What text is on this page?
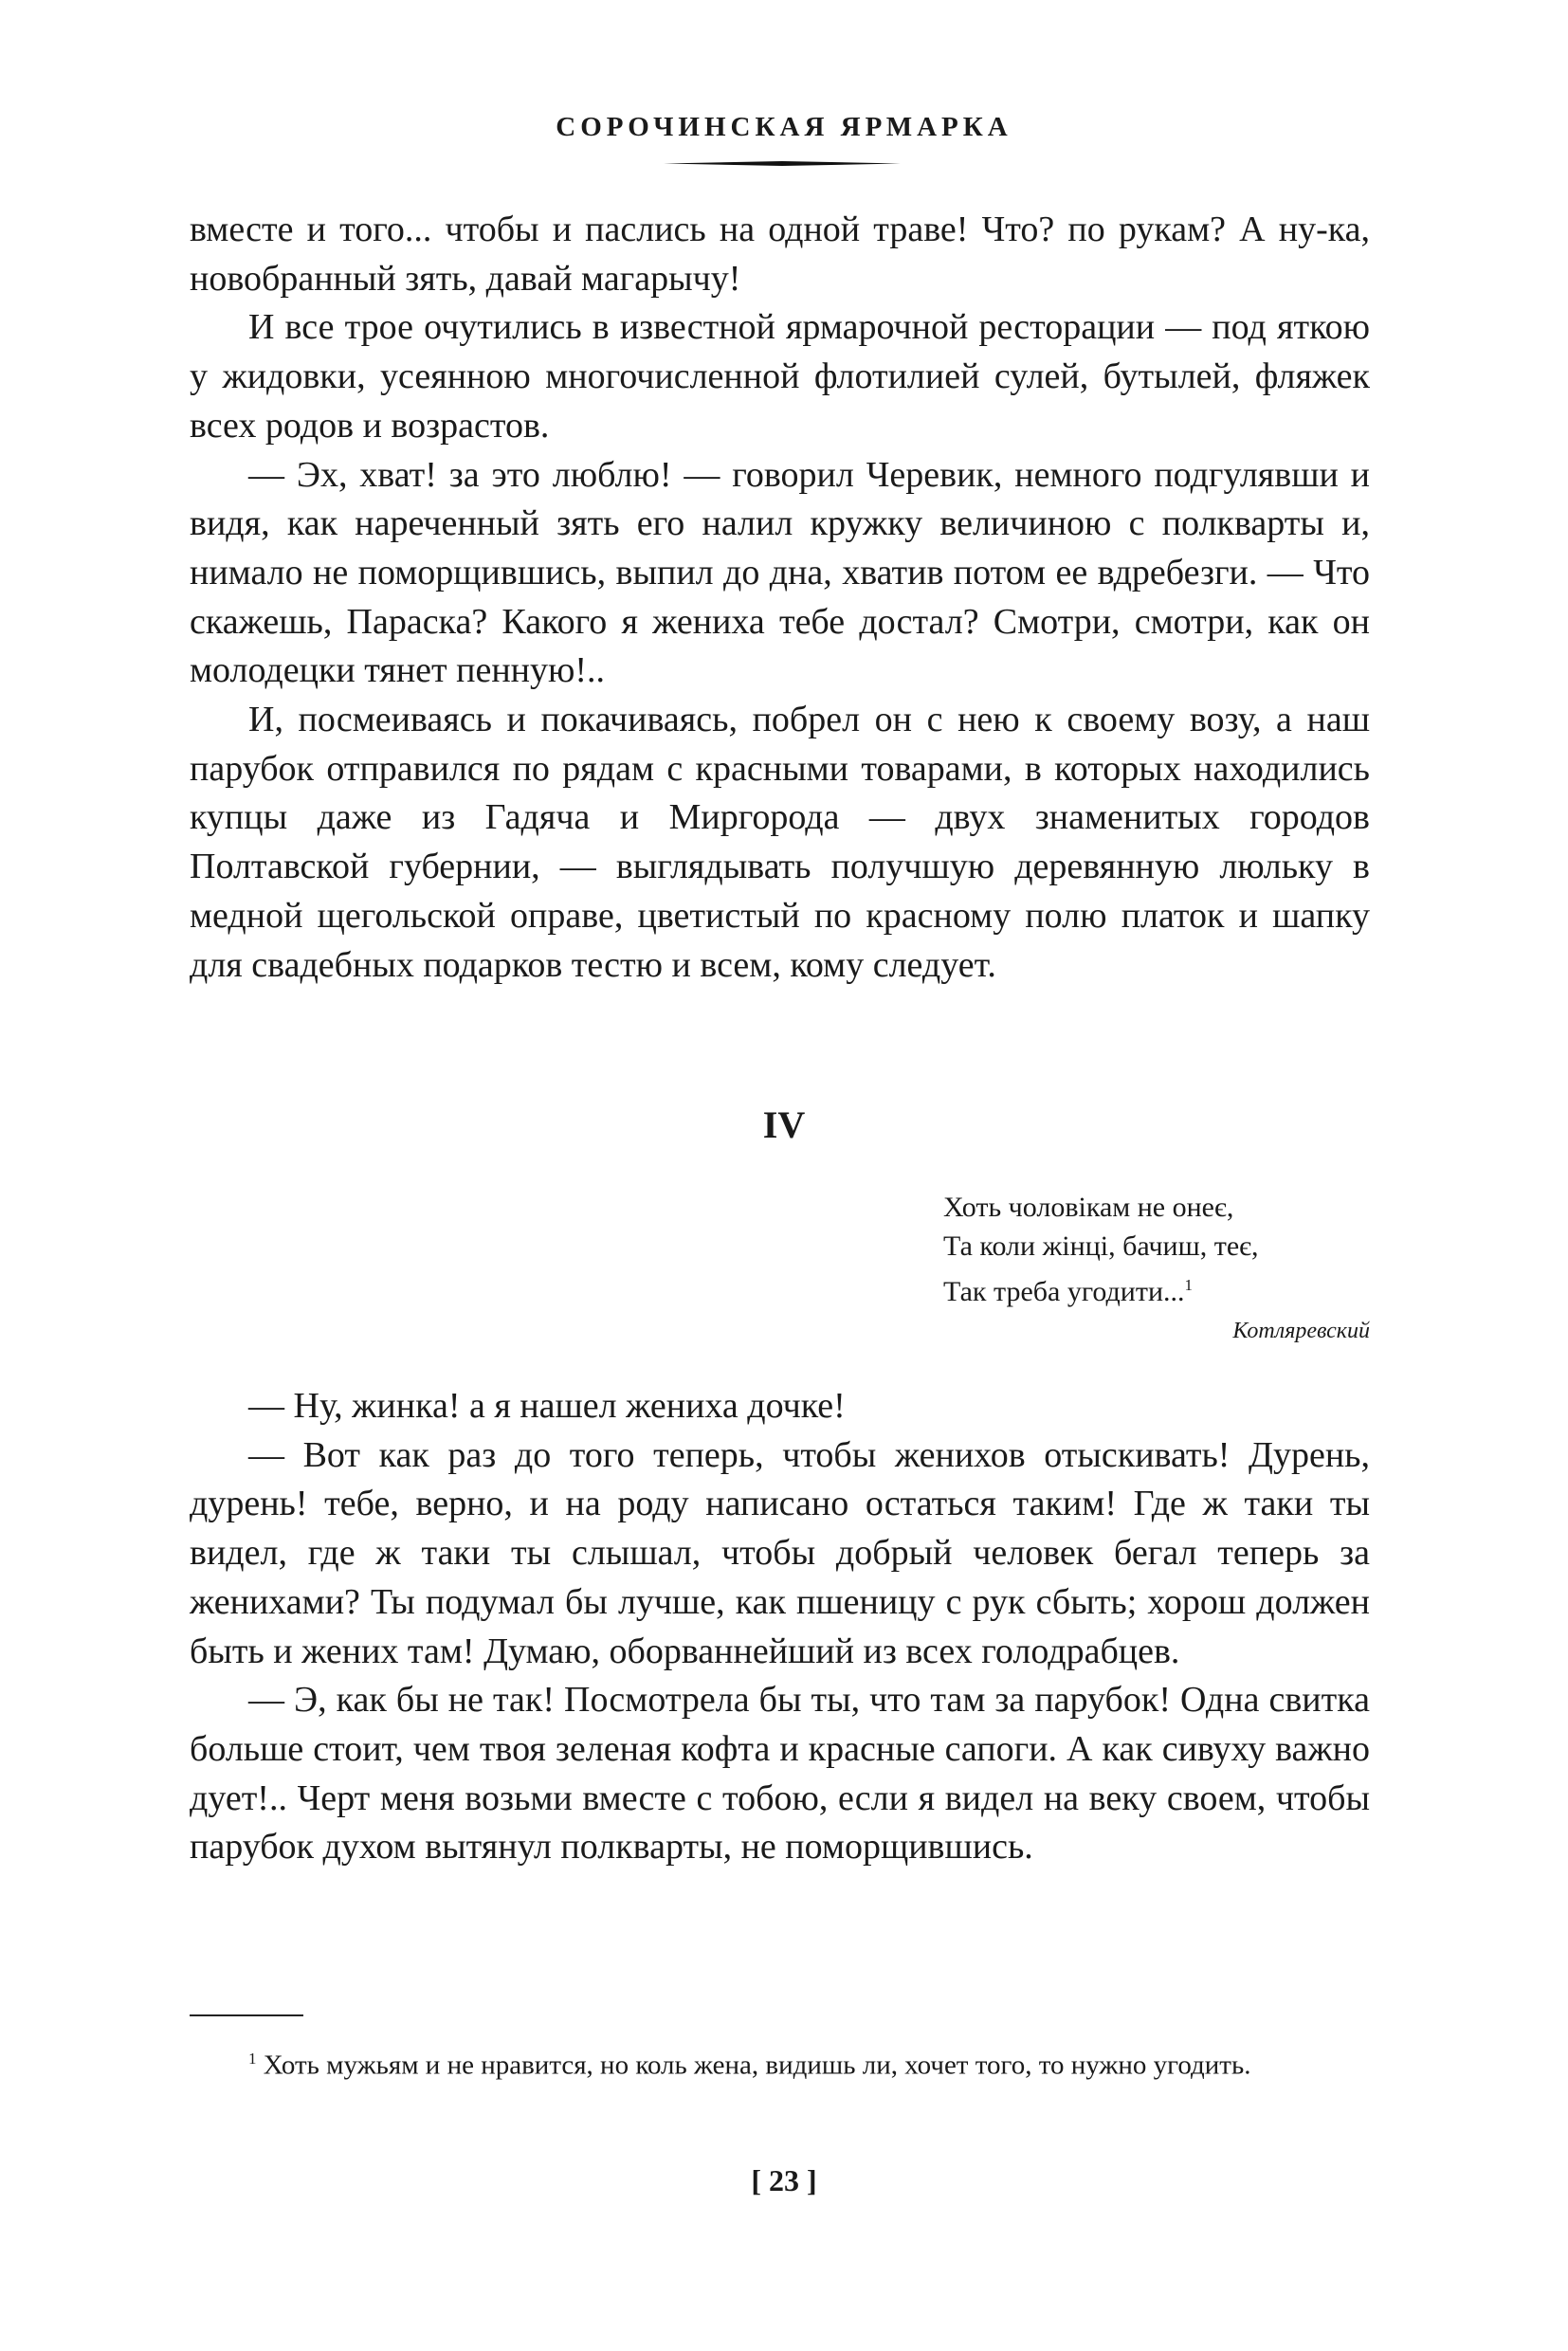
СОРОЧИНСКАЯ ЯРМАРКА

вместе и того... чтобы и паслись на одной траве! Что? по рукам? А ну-ка, новобранный зять, давай магарычу!

И все трое очутились в известной ярмарочной ресторации — под яткою у жидовки, усеянною многочисленной флотилией сулей, бутылей, фляжек всех родов и возрастов.

— Эх, хват! за это люблю! — говорил Черевик, немного подгулявши и видя, как нареченный зять его налил кружку величиною с полкварты и, нимало не поморщившись, выпил до дна, хватив потом ее вдребезги. — Что скажешь, Параска? Какого я жениха тебе достал? Смотри, смотри, как он молодецки тянет пенную!..

И, посмеиваясь и покачиваясь, побрел он с нею к своему возу, а наш парубок отправился по рядам с красными товарами, в которых находились купцы даже из Гадяча и Миргорода — двух знаменитых городов Полтавской губернии, — выглядывать получшую деревянную люльку в медной щегольской оправе, цветистый по красному полю платок и шапку для свадебных подарков тестю и всем, кому следует.

IV
Хоть чоловікам не онеє,
Та коли жінці, бачиш, теє,
Так треба угодити...$^1$
Котляревский

— Ну, жинка! а я нашел жениха дочке!

— Вот как раз до того теперь, чтобы женихов отыскивать! Дурень, дурень! тебе, верно, и на роду написано остаться таким! Где ж таки ты видел, где ж таки ты слышал, чтобы добрый человек бегал теперь за женихами? Ты подумал бы лучше, как пшеницу с рук сбыть; хорош должен быть и жених там! Думаю, оборваннейший из всех голодрабцев.

— Э, как бы не так! Посмотрела бы ты, что там за парубок! Одна свитка больше стоит, чем твоя зеленая кофта и красные сапоги. А как сивуху важно дует!.. Черт меня возьми вместе с тобою, если я видел на веку своем, чтобы парубок духом вытянул полкварты, не поморщившись.

$^1$ Хоть мужьям и не нравится, но коль жена, видишь ли, хочет того, то нужно угодить.
[ 23 ]
